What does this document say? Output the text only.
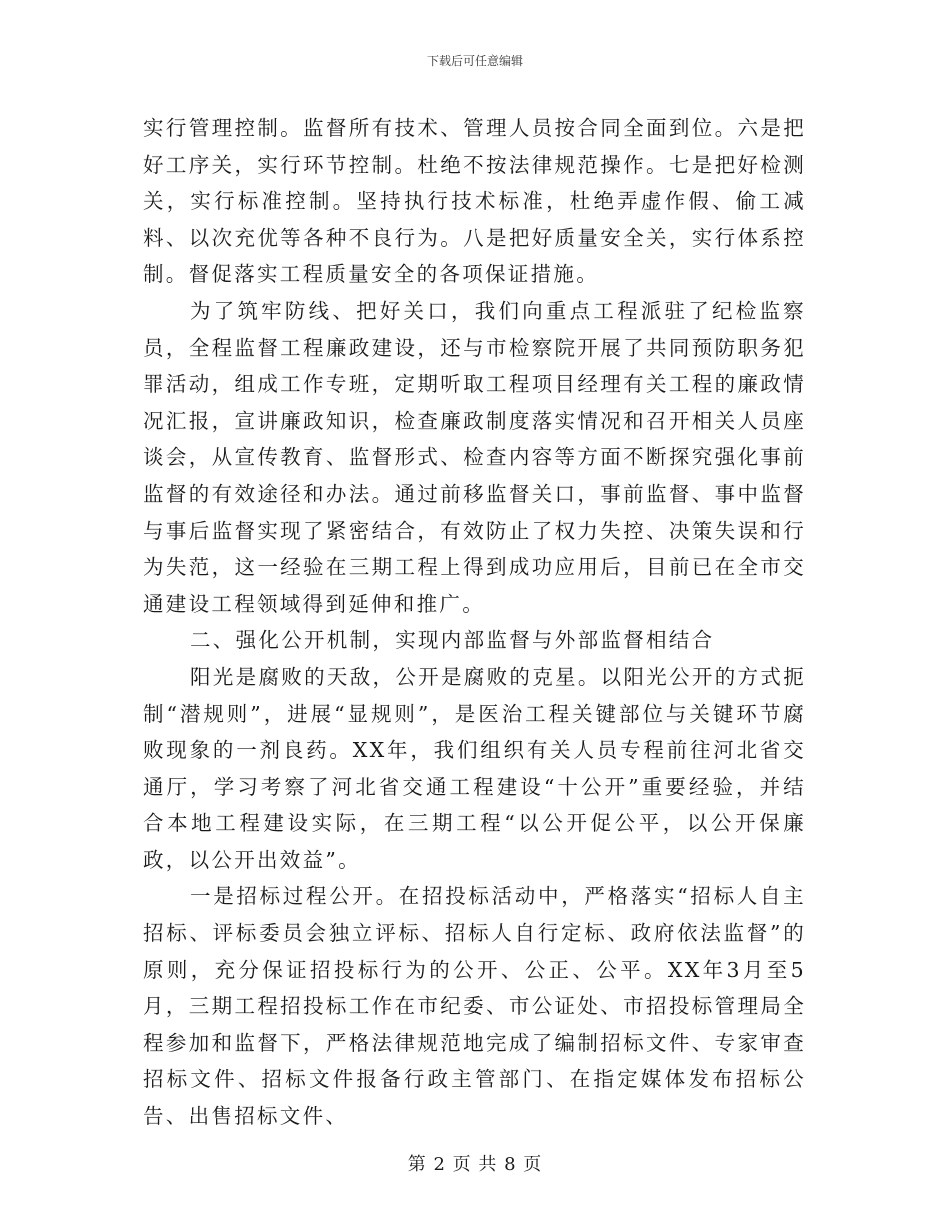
下载后可任意编辑

实行管理控制。监督所有技术、管理人员按合同全面到位。六是把好工序关，实行环节控制。杜绝不按法律规范操作。七是把好检测关，实行标准控制。坚持执行技术标准，杜绝弄虚作假、偷工减料、以次充优等各种不良行为。八是把好质量安全关，实行体系控制。督促落实工程质量安全的各项保证措施。

为了筑牢防线、把好关口，我们向重点工程派驻了纪检监察员，全程监督工程廉政建设，还与市检察院开展了共同预防职务犯罪活动，组成工作专班，定期听取工程项目经理有关工程的廉政情况汇报，宣讲廉政知识，检查廉政制度落实情况和召开相关人员座谈会，从宣传教育、监督形式、检查内容等方面不断探究强化事前监督的有效途径和办法。通过前移监督关口，事前监督、事中监督与事后监督实现了紧密结合，有效防止了权力失控、决策失误和行为失范，这一经验在三期工程上得到成功应用后，目前已在全市交通建设工程领域得到延伸和推广。

二、强化公开机制，实现内部监督与外部监督相结合

阳光是腐败的天敌，公开是腐败的克星。以阳光公开的方式扼制“潜规则”，进展“显规则”，是医治工程关键部位与关键环节腐败现象的一剂良药。XX年，我们组织有关人员专程前往河北省交通厅，学习考察了河北省交通工程建设“十公开”重要经验，并结合本地工程建设实际，在三期工程“以公开促公平，以公开保廉政，以公开出效益”。

一是招标过程公开。在招投标活动中，严格落实“招标人自主招标、评标委员会独立评标、招标人自行定标、政府依法监督”的原则，充分保证招投标行为的公开、公正、公平。XX年3月至5月，三期工程招投标工作在市纪委、市公证处、市招投标管理局全程参加和监督下，严格法律规范地完成了编制招标文件、专家审查招标文件、招标文件报备行政主管部门、在指定媒体发布招标公告、出售招标文件、

第 2 页 共 8 页
